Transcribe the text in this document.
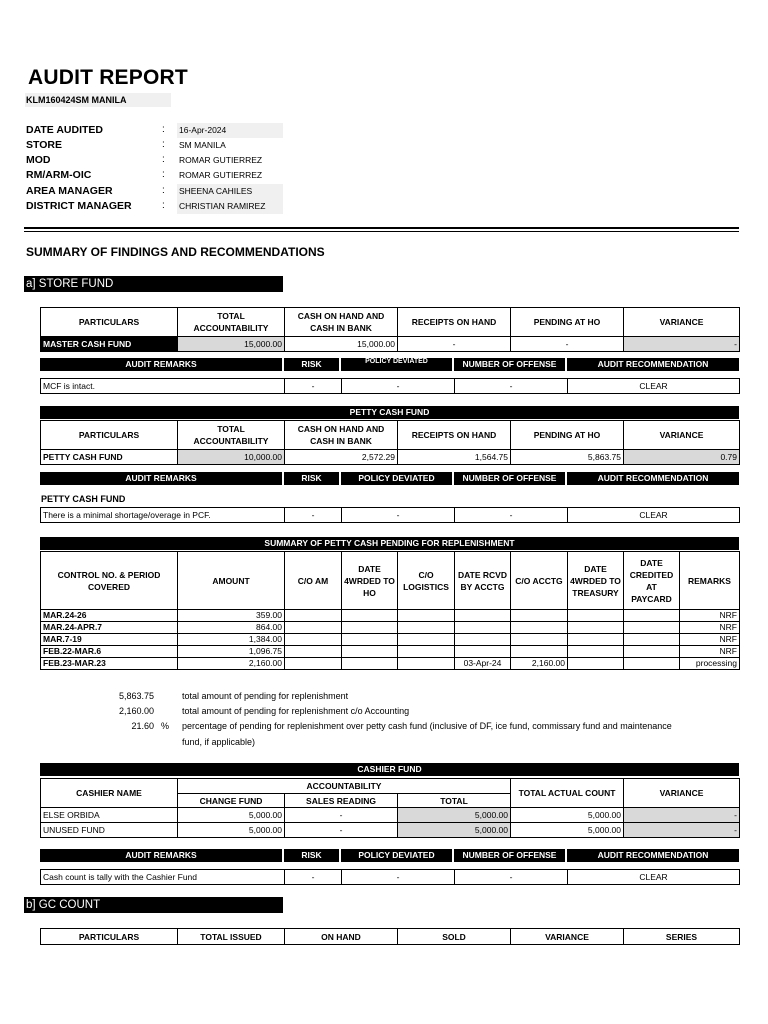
AUDIT REPORT
KLM160424SM MANILA
DATE AUDITED	: 16-Apr-2024
STORE	: SM MANILA
MOD	: ROMAR GUTIERREZ
RM/ARM-OIC	: ROMAR GUTIERREZ
AREA MANAGER	: SHEENA CAHILES
DISTRICT MANAGER	: CHRISTIAN RAMIREZ
SUMMARY OF FINDINGS AND RECOMMENDATIONS
a] STORE FUND
PARTICULARS	TOTAL ACCOUNTABILITY	CASH ON HAND AND CASH IN BANK	RECEIPTS ON HAND	PENDING AT HO	VARIANCE
MASTER CASH FUND	15,000.00	15,000.00	-	-	-
AUDIT REMARKS	RISK	POLICY DEVIATED	NUMBER OF OFFENSE	AUDIT RECOMMENDATION
MCF is intact.	-	-	-	CLEAR
PETTY CASH FUND
PARTICULARS	TOTAL ACCOUNTABILITY	CASH ON HAND AND CASH IN BANK	RECEIPTS ON HAND	PENDING AT HO	VARIANCE
PETTY CASH FUND	10,000.00	2,572.29	1,564.75	5,863.75	0.79
AUDIT REMARKS	RISK	POLICY DEVIATED	NUMBER OF OFFENSE	AUDIT RECOMMENDATION
PETTY CASH FUND
There is a minimal shortage/overage in PCF.	-	-	-	CLEAR
SUMMARY OF PETTY CASH PENDING FOR REPLENISHMENT
CONTROL NO. & PERIOD COVERED	AMOUNT	C/O AM	DATE 4WRDED TO HO	C/O LOGISTICS	DATE RCVD BY ACCTG	C/O ACCTG	DATE 4WRDED TO TREASURY	DATE CREDITED AT PAYCARD	REMARKS
MAR.24-26	359.00								NRF
MAR.24-APR.7	864.00								NRF
MAR.7-19	1,384.00								NRF
FEB.22-MAR.6	1,096.75								NRF
FEB.23-MAR.23	2,160.00				03-Apr-24	2,160.00			processing
5,863.75	total amount of pending for replenishment
2,160.00	total amount of pending for replenishment c/o Accounting
21.60 % percentage of pending for replenishment over petty cash fund (inclusive of DF, ice fund, commissary fund and maintenance fund, if applicable)
CASHIER FUND
CASHIER NAME	ACCOUNTABILITY			TOTAL ACTUAL COUNT	VARIANCE
	CHANGE FUND	SALES READING	TOTAL		
ELSE ORBIDA	5,000.00	-	5,000.00	5,000.00	-
UNUSED FUND	5,000.00	-	5,000.00	5,000.00	-
AUDIT REMARKS	RISK	POLICY DEVIATED	NUMBER OF OFFENSE	AUDIT RECOMMENDATION
Cash count is tally with the Cashier Fund	-	-	-	CLEAR
b] GC COUNT
PARTICULARS	TOTAL ISSUED	ON HAND	SOLD	VARIANCE	SERIES
